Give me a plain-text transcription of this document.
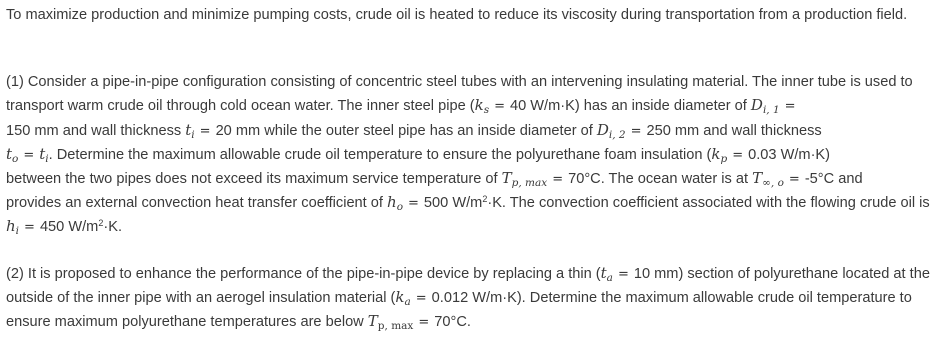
To maximize production and minimize pumping costs, crude oil is heated to reduce its viscosity during transportation from a production field.

(1) Consider a pipe-in-pipe configuration consisting of concentric steel tubes with an intervening insulating material. The inner tube is used to transport warm crude oil through cold ocean water. The inner steel pipe ($k_s = 40$ W/m·K) has an inside diameter of $D_{i, 1}$ =
150 mm and wall thickness $t_i = 20$ mm while the outer steel pipe has an inside diameter of $D_{i, 2} = 250$ mm and wall thickness
$t_o = t_i$. Determine the maximum allowable crude oil temperature to ensure the polyurethane foam insulation ($k_p = 0.03$ W/m·K)
between the two pipes does not exceed its maximum service temperature of $T_{p, max} = 70^\circ C$. The ocean water is at $T_{\infty, o} = -5^\circ C$ and
provides an external convection heat transfer coefficient of $h_o = 500$ $W/m^2\cdot K$. The convection coefficient associated with the flowing crude oil is $h_i = 450$ $W/m^2\cdot K$.

(2) It is proposed to enhance the performance of the pipe-in-pipe device by replacing a thin ($t_a = 10$ mm) section of polyurethane located at the outside of the inner pipe with an aerogel insulation material ($k_a = 0.012$ W/m·K). Determine the maximum allowable crude oil temperature to ensure maximum polyurethane temperatures are below $T_{p, max} = 70^\circ C$.
